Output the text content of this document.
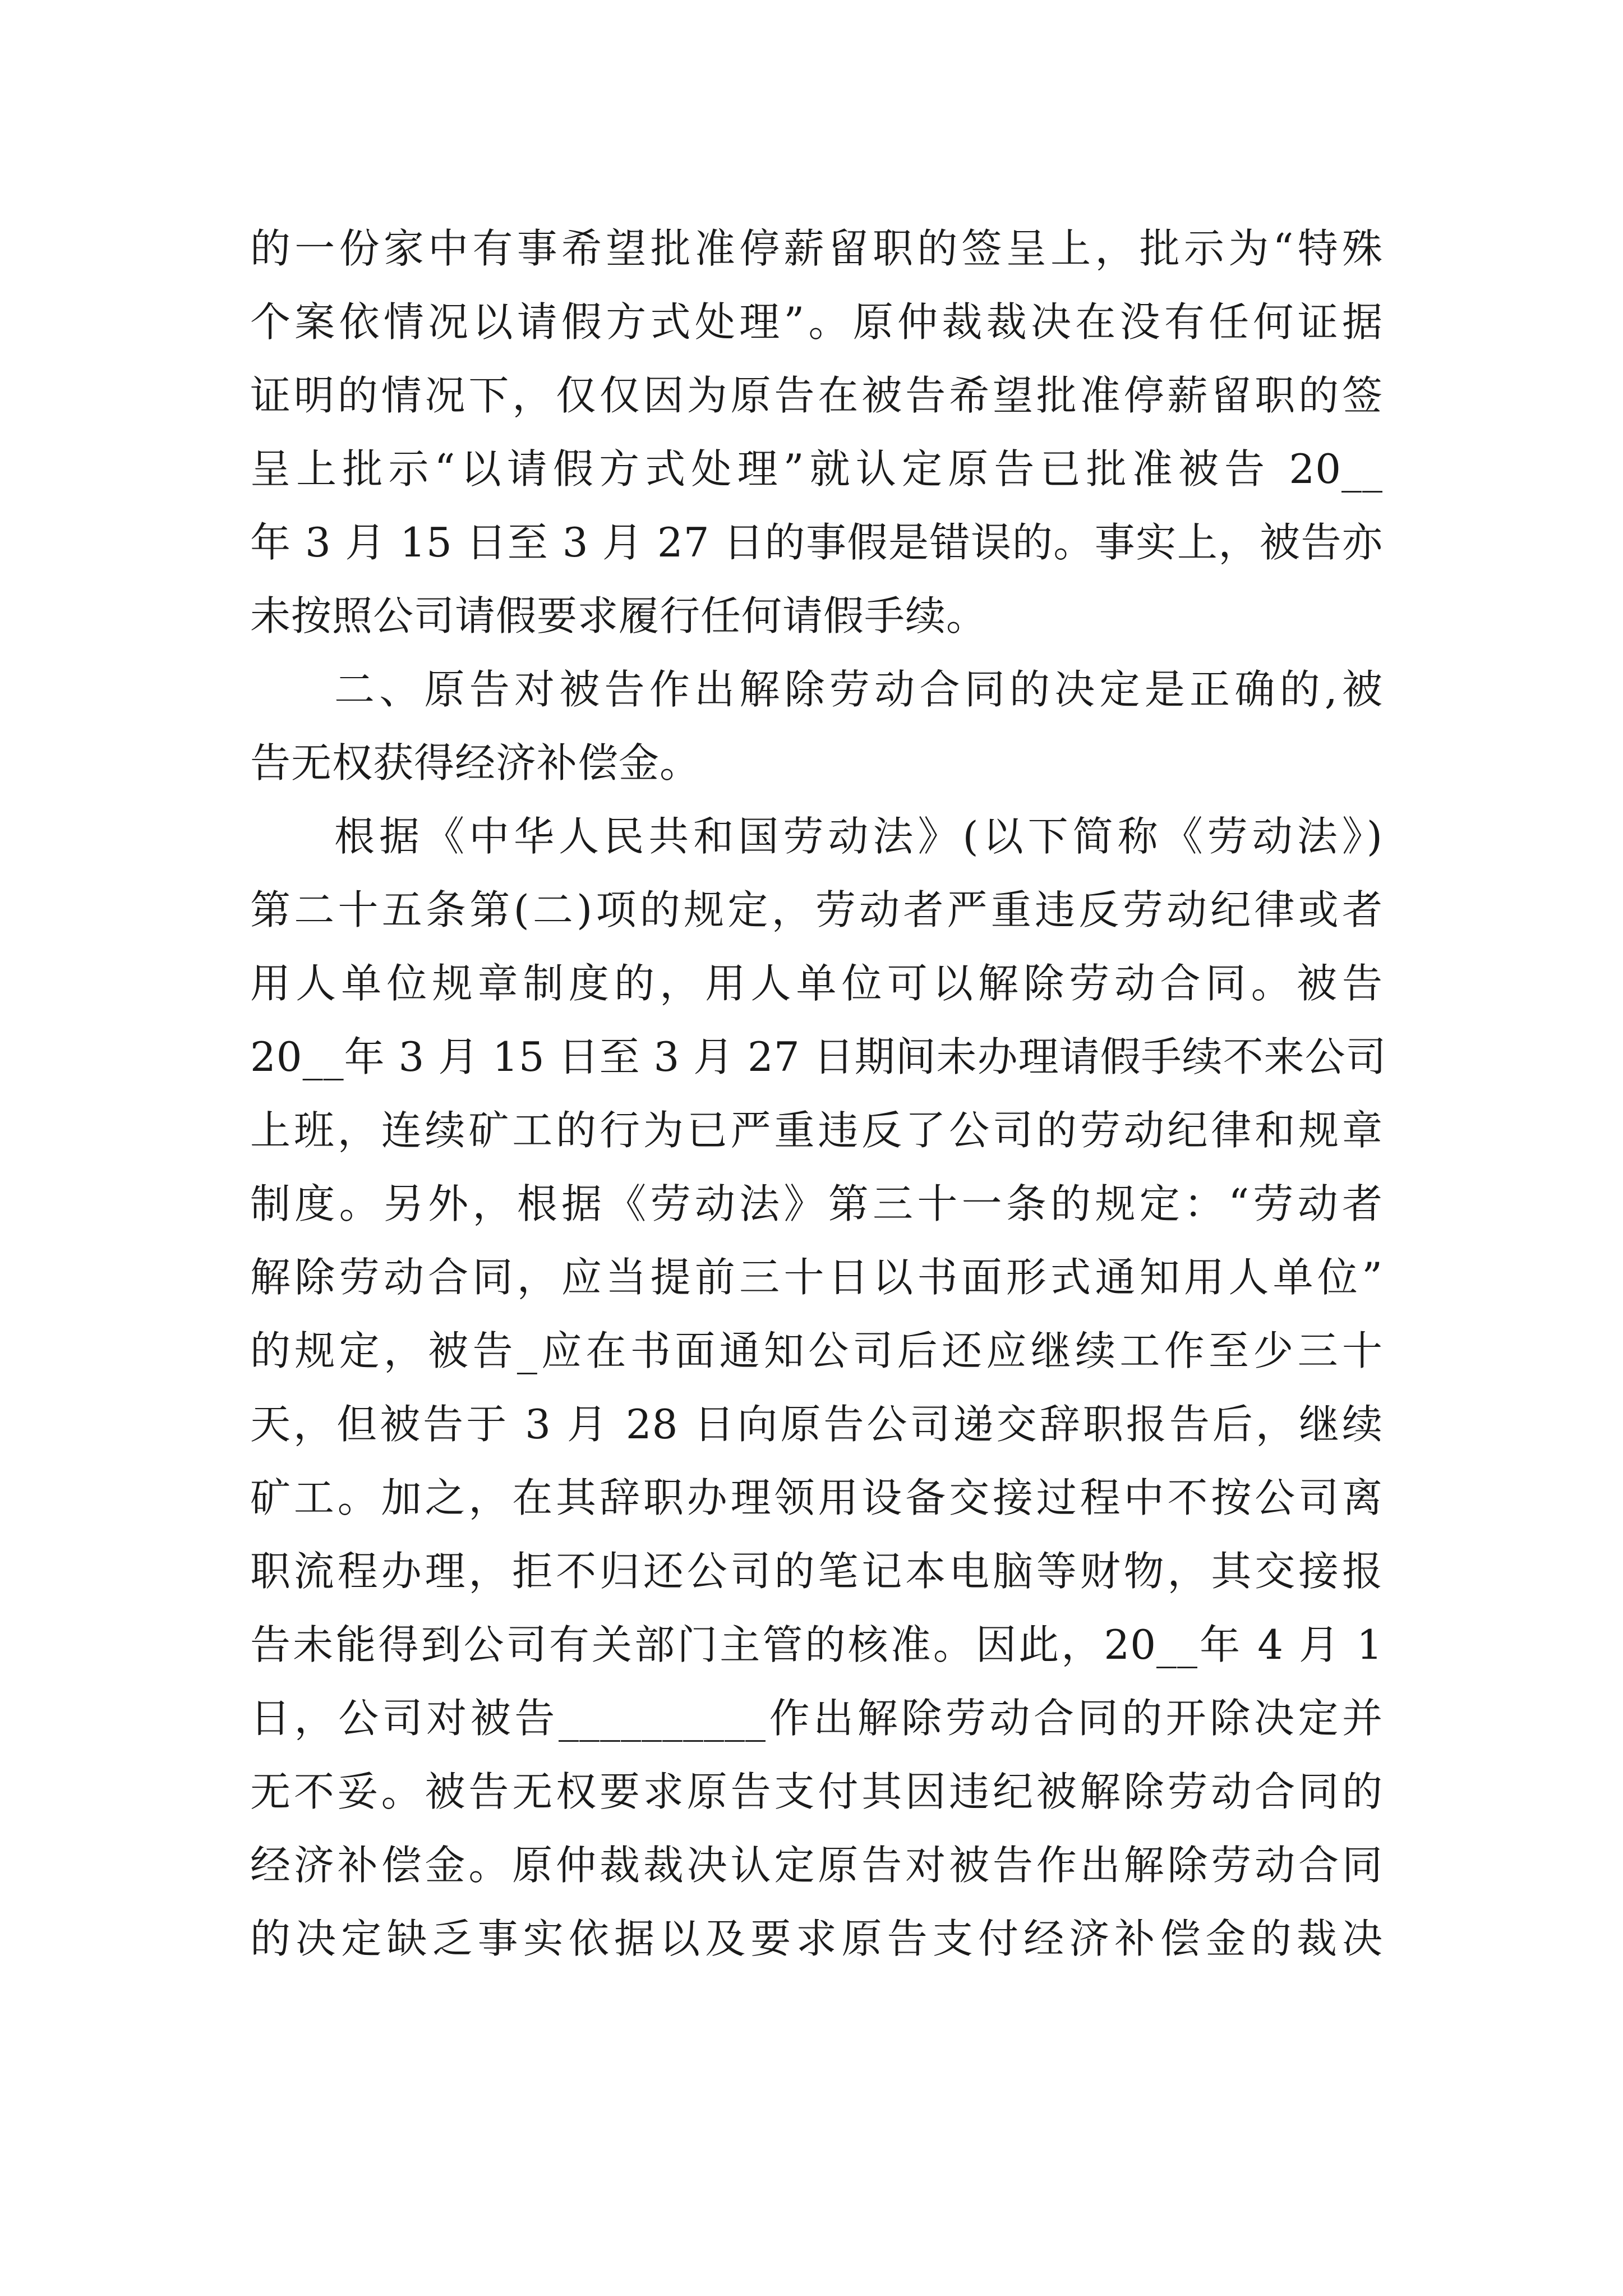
的一份家中有事希望批准停薪留职的签呈上，批示为“特殊
个案依情况以请假方式处理”。原仲裁裁决在没有任何证据
证明的情况下，仅仅因为原告在被告希望批准停薪留职的签
呈上批示“以请假方式处理”就认定原告已批准被告 20__
年 3 月 15 日至 3 月 27 日的事假是错误的。事实上，被告亦
未按照公司请假要求履行任何请假手续。
二、原告对被告作出解除劳动合同的决定是正确的,被
告无权获得经济补偿金。
根据《中华人民共和国劳动法》(以下简称《劳动法》)
第二十五条第(二)项的规定，劳动者严重违反劳动纪律或者
用人单位规章制度的，用人单位可以解除劳动合同。被告
20__年 3 月 15 日至 3 月 27 日期间未办理请假手续不来公司
上班，连续矿工的行为已严重违反了公司的劳动纪律和规章
制度。另外，根据《劳动法》第三十一条的规定：“劳动者
解除劳动合同，应当提前三十日以书面形式通知用人单位”
的规定，被告_应在书面通知公司后还应继续工作至少三十
天，但被告于 3 月 28 日向原告公司递交辞职报告后，继续
矿工。加之，在其辞职办理领用设备交接过程中不按公司离
职流程办理，拒不归还公司的笔记本电脑等财物，其交接报
告未能得到公司有关部门主管的核准。因此，20__年 4 月 1
日，公司对被告__________作出解除劳动合同的开除决定并
无不妥。被告无权要求原告支付其因违纪被解除劳动合同的
经济补偿金。原仲裁裁决认定原告对被告作出解除劳动合同
的决定缺乏事实依据以及要求原告支付经济补偿金的裁决
